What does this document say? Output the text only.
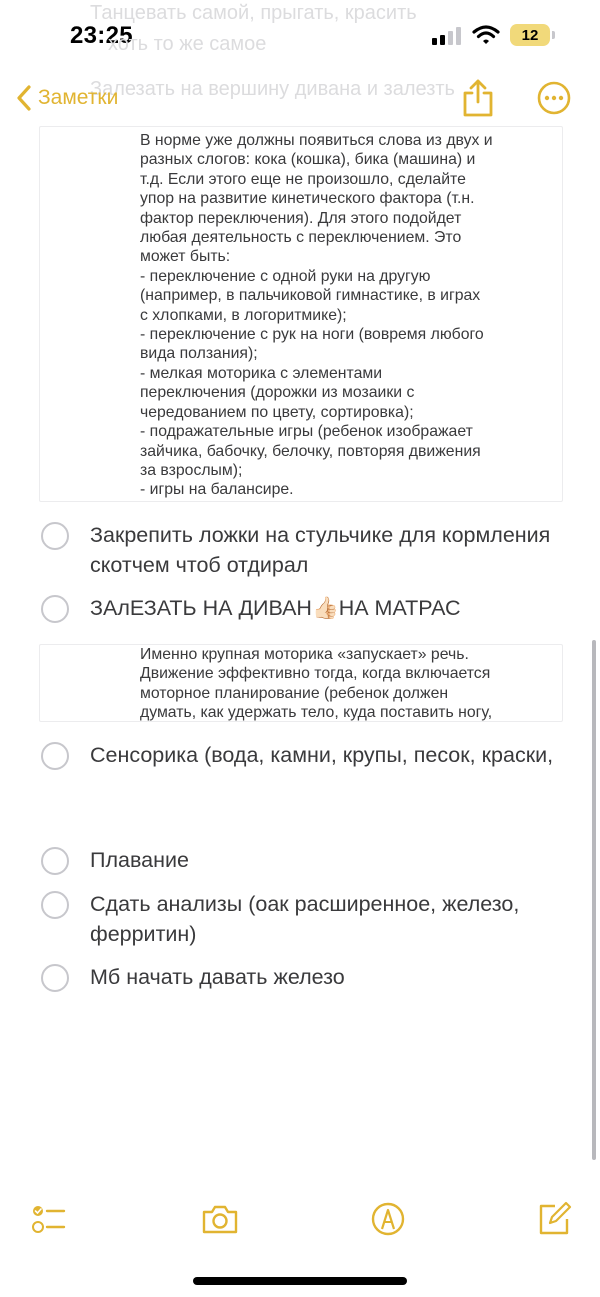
23:25	12
Танцевать самой, прыгать, красить
хоть то же самое
Залезать на вершину дивана и залезть
Заметки
В норме уже должны появиться слова из двух и
разных слогов: кока (кошка), бика (машина) и
т.д. Если этого еще не произошло, сделайте
упор на развитие кинетического фактора (т.н.
фактор переключения). Для этого подойдет
любая деятельность с переключением. Это
может быть:
- переключение с одной руки на другую
(например, в пальчиковой гимнастике, в играх
с хлопками, в логоритмике);
- переключение с рук на ноги (вовремя любого
вида ползания);
- мелкая моторика с элементами
переключения (дорожки из мозаики с
чередованием по цвету, сортировка);
- подражательные игры (ребенок изображает
зайчика, бабочку, белочку, повторяя движения
за взрослым);
- игры на балансире.
Закрепить ложки на стульчике для кормления скотчем чтоб отдирал
ЗАлЕЗАТЬ НА ДИВАН👍🏻НА МАТРАС
Именно крупная моторика «запускает» речь.
Движение эффективно тогда, когда включается
моторное планирование (ребенок должен
думать, как удержать тело, куда поставить ногу,
Сенсорика (вода, камни, крупы, песок, краски,
Плавание
Сдать анализы (оак расширенное, железо, ферритин)
Мб начать давать железо
